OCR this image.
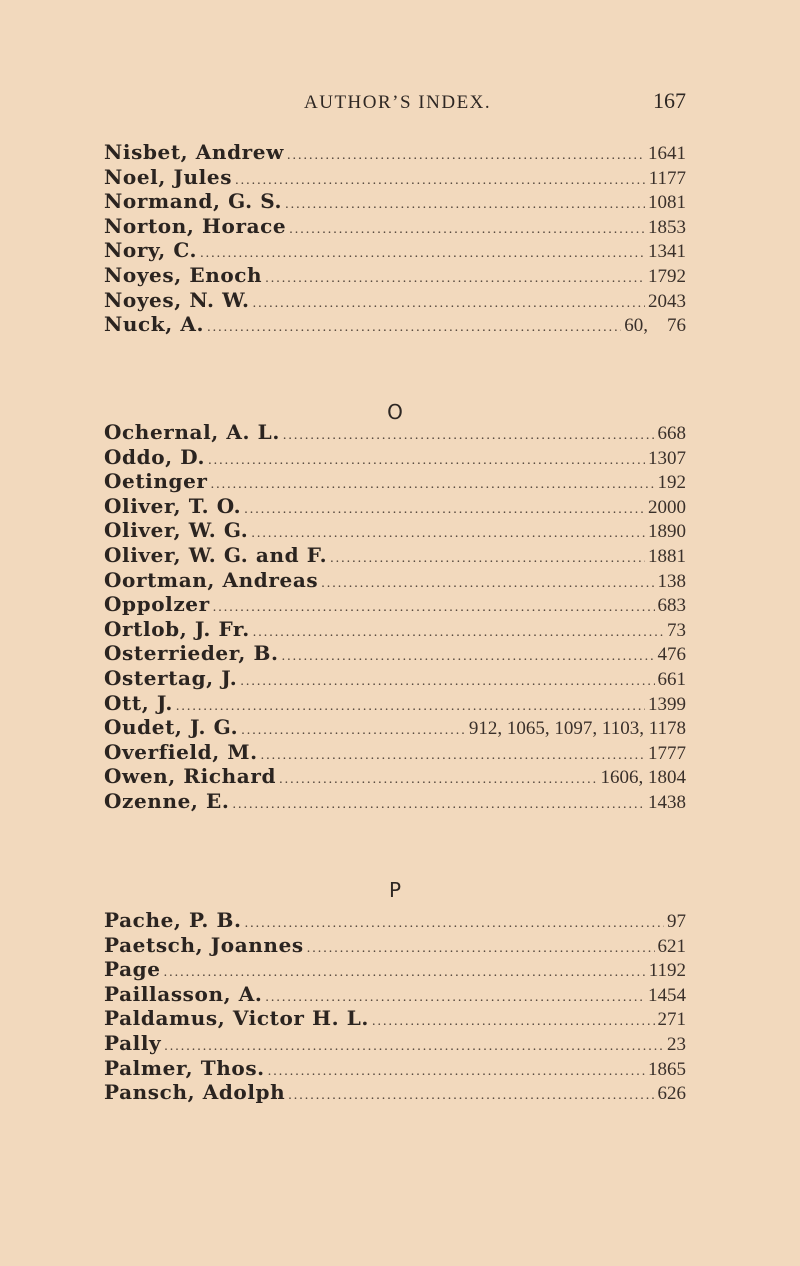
AUTHOR’S INDEX.	167
Nisbet, Andrew .....	1641
Noel, Jules .....	1177
Normand, G. S. .....	1081
Norton, Horace .....	1853
Nory, C. .....	1341
Noyes, Enoch .....	1792
Noyes, N. W. .....	2043
Nuck, A. .....	60,    76
O
Ochernal, A. L. .....	668
Oddo, D. .....	1307
Oetinger .....	192
Oliver, T. O. .....	2000
Oliver, W. G. .....	1890
Oliver, W. G. and F. .....	1881
Oortman, Andreas .....	138
Oppolzer .....	683
Ortlob, J. Fr. .....	73
Osterrieder, B. .....	476
Ostertag, J. .....	661
Ott, J. .....	1399
Oudet, J. G. .....	912, 1065, 1097, 1103, 1178
Overfield, M. .....	1777
Owen, Richard .....	1606, 1804
Ozenne, E. .....	1438
P
Pache, P. B. .....	97
Paetsch, Joannes .....	621
Page .....	1192
Paillasson, A. .....	1454
Paldamus, Victor H. L. .....	271
Pally .....	23
Palmer, Thos. .....	1865
Pansch, Adolph .....	626
